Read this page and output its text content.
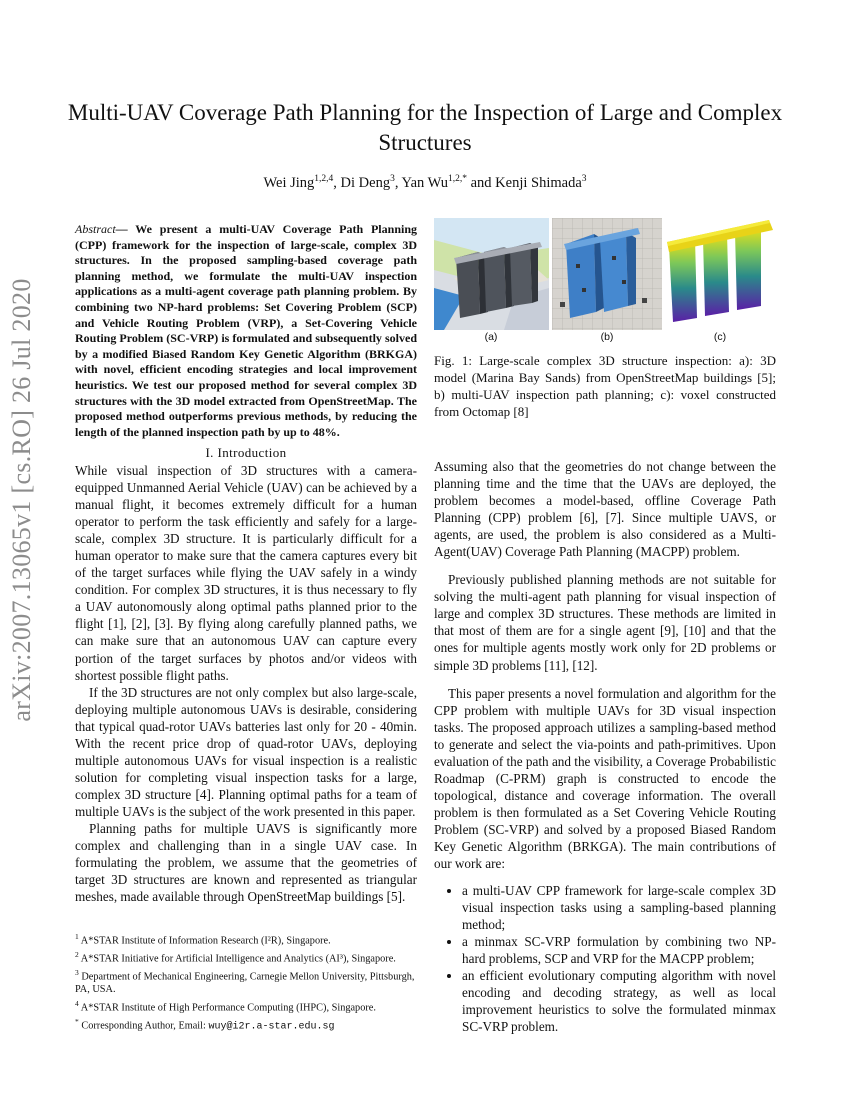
arXiv:2007.13065v1 [cs.RO] 26 Jul 2020
Multi-UAV Coverage Path Planning for the Inspection of Large and Complex Structures
Wei Jing$^{1,2,4}$, Di Deng$^3$, Yan $Wu^{1,2,*}$ and Kenji Shimada$^3$
Abstract— We present a multi-UAV Coverage Path Planning (CPP) framework for the inspection of large-scale, complex 3D structures. In the proposed sampling-based coverage path planning method, we formulate the multi-UAV inspection applications as a multi-agent coverage path planning problem. By combining two NP-hard problems: Set Covering Problem (SCP) and Vehicle Routing Problem (VRP), a Set-Covering Vehicle Routing Problem (SC-VRP) is formulated and subsequently solved by a modified Biased Random Key Genetic Algorithm (BRKGA) with novel, efficient encoding strategies and local improvement heuristics. We test our proposed method for several complex 3D structures with the 3D model extracted from OpenStreetMap. The proposed method outperforms previous methods, by reducing the length of the planned inspection path by up to 48%.
I. Introduction

While visual inspection of 3D structures with a camera-equipped Unmanned Aerial Vehicle (UAV) can be achieved by a manual flight, it becomes extremely difficult for a human operator to perform the task efficiently and safely for a large-scale, complex 3D structure. It is particularly difficult for a human operator to make sure that the camera captures every bit of the target surfaces while flying the UAV safely in a windy condition. For complex 3D structures, it is thus necessary to fly a UAV autonomously along optimal paths planned prior to the flight [1], [2], [3]. By flying along carefully planned paths, we can make sure that an autonomous UAV can capture every portion of the target surfaces by photos and/or videos with shortest possible flight paths.

If the 3D structures are not only complex but also large-scale, deploying multiple autonomous UAVs is desirable, considering that typical quad-rotor UAVs batteries last only for 20 - 40min. With the recent price drop of quad-rotor UAVs, deploying multiple autonomous UAVs for visual inspection is a realistic solution for completing visual inspection tasks for a large, complex 3D structure [4]. Planning optimal paths for a team of multiple UAVs is the subject of the work presented in this paper.

Planning paths for multiple UAVS is significantly more complex and challenging than in a single UAV case. In formulating the problem, we assume that the geometries of target 3D structures are known and represented as triangular meshes, made available through OpenStreetMap buildings [5].

$^1$ A*STAR Institute of Information Research (I²R), Singapore.

$^2$ A*STAR Initiative for Artificial Intelligence and Analytics (AI³), Singapore.

$^3$ Department of Mechanical Engineering, Carnegie Mellon University, Pittsburgh, PA, USA.

$^4$ A*STAR Institute of High Performance Computing (IHPC), Singapore.

* Corresponding Author, Email: wuy@i2r.a-star.edu.sg

(a)	(b)	(c)
Fig. 1: Large-scale complex 3D structure inspection: a): 3D model (Marina Bay Sands) from OpenStreetMap buildings [5]; b) multi-UAV inspection path planning; c): voxel constructed from Octomap [8]

Assuming also that the geometries do not change between the planning time and the time that the UAVs are deployed, the problem becomes a model-based, offline Coverage Path Planning (CPP) problem [6], [7]. Since multiple UAVS, or agents, are used, the problem is also considered as a Multi-Agent(UAV) Coverage Path Planning (MACPP) problem.

Previously published planning methods are not suitable for solving the multi-agent path planning for visual inspection of large and complex 3D structures. These methods are limited in that most of them are for a single agent [9], [10] and that the ones for multiple agents mostly work only for 2D problems or simple 3D problems [11], [12].

This paper presents a novel formulation and algorithm for the CPP problem with multiple UAVs for 3D visual inspection tasks. The proposed approach utilizes a sampling-based method to generate and select the via-points and path-primitives. Upon evaluation of the path and the visibility, a Coverage Probabilistic Roadmap (C-PRM) graph is constructed to encode the topological, distance and coverage information. The overall problem is then formulated as a Set Covering Vehicle Routing Problem (SC-VRP) and solved by a proposed Biased Random Key Genetic Algorithm (BRKGA). The main contributions of our work are:

• a multi-UAV CPP framework for large-scale complex 3D visual inspection tasks using a sampling-based planning method;
• a minmax SC-VRP formulation by combining two NP-hard problems, SCP and VRP for the MACPP problem;
• an efficient evolutionary computing algorithm with novel encoding and decoding strategy, as well as local improvement heuristics to solve the formulated minmax SC-VRP problem.
